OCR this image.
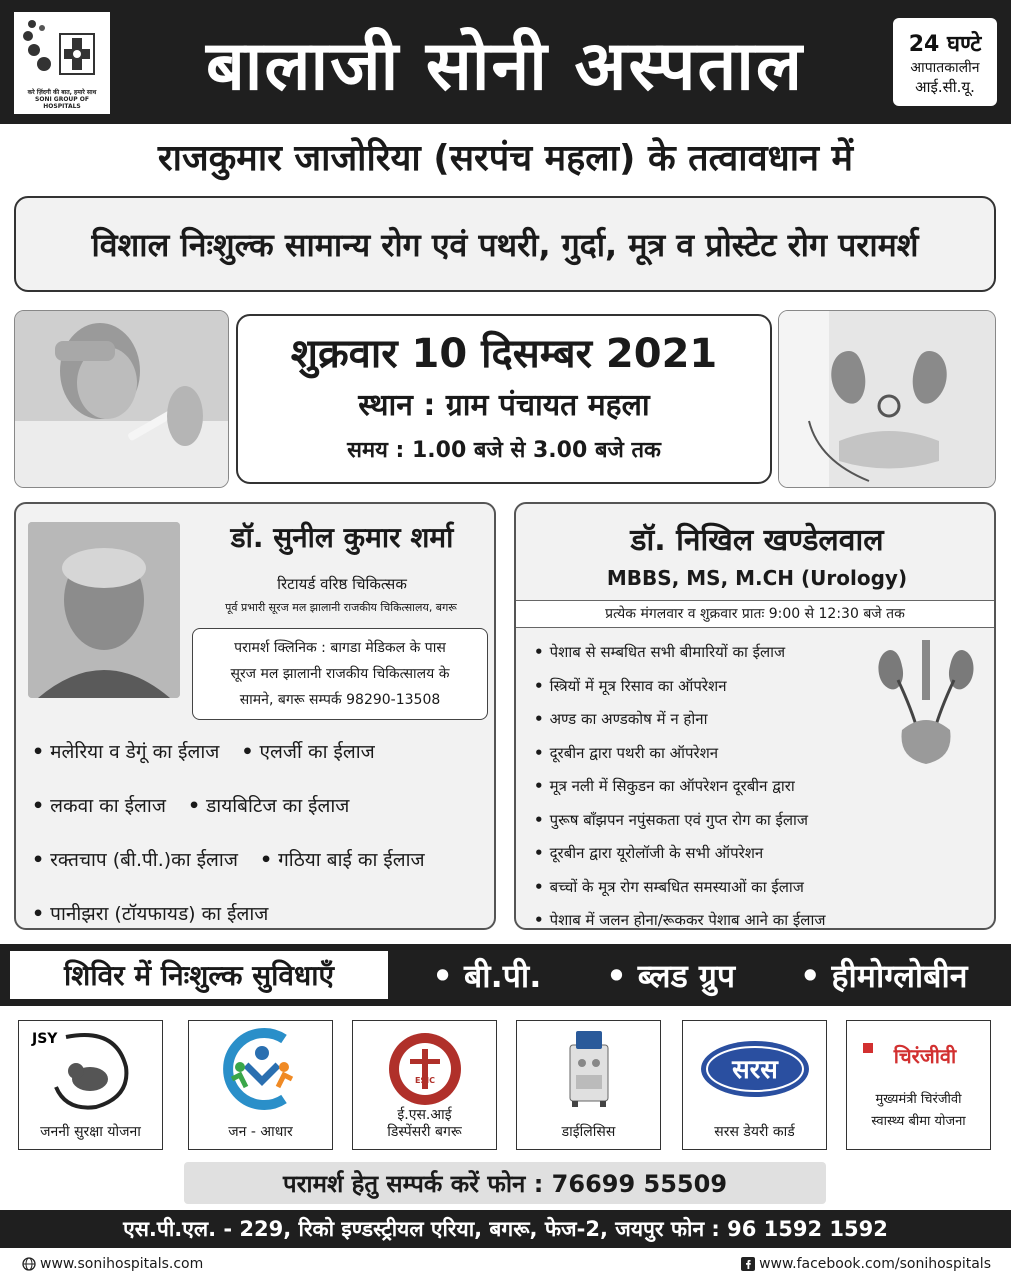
करे ज़िंदगी की बात, हमारे साथ
SONI GROUP OF HOSPITALS
बालाजी सोनी अस्पताल	24 घण्टे
आपातकालीन
आई.सी.यू.
राजकुमार जाजोरिया (सरपंच महला) के तत्वावधान में
विशाल निःशुल्क सामान्य रोग एवं पथरी, गुर्दा, मूत्र व प्रोस्टेट रोग परामर्श
शुक्रवार 10 दिसम्बर 2021
स्थान : ग्राम पंचायत महला
समय : 1.00 बजे से 3.00 बजे तक
डॉ. सुनील कुमार शर्मा
रिटायर्ड वरिष्ठ चिकित्सक
पूर्व प्रभारी सूरज मल झालानी राजकीय चिकित्सालय, बगरू
परामर्श क्लिनिक : बागडा मेडिकल के पास
सूरज मल झालानी राजकीय चिकित्सालय के
सामने, बगरू सम्पर्क 98290-13508
• मलेरिया व डेगूं का ईलाज • एलर्जी का ईलाज
• लकवा का ईलाज • डायबिटिज का ईलाज
• रक्तचाप (बी.पी.)का ईलाज • गठिया बाई का ईलाज
• पानीझरा (टॉयफायड) का ईलाज
डॉ. निखिल खण्डेलवाल
MBBS, MS, M.CH (Urology)
प्रत्येक मंगलवार व शुक्रवार प्रातः 9:00 से 12:30 बजे तक
• पेशाब से सम्बधित सभी बीमारियों का ईलाज
• स्त्रियों में मूत्र रिसाव का ऑपरेशन
• अण्ड का अण्डकोष में न होना
• दूरबीन द्वारा पथरी का ऑपरेशन
• मूत्र नली में सिकुडन का ऑपरेशन दूरबीन द्वारा
• पुरूष बाँझपन नपुंसकता एवं गुप्त रोग का ईलाज
• दूरबीन द्वारा यूरोलॉजी के सभी ऑपरेशन
• बच्चों के मूत्र रोग सम्बधित समस्याओं का ईलाज
• पेशाब में जलन होना/रूककर पेशाब आने का ईलाज
शिविर में निःशुल्क सुविधाएँ	• बी.पी. • ब्लड ग्रुप • हीमोग्लोबीन
JSY
जननी सुरक्षा योजना	जन - आधार
ESIC
ई.एस.आई
डिस्पेंसरी बगरू	डाईलिसिस
सरस
सरस डेयरी कार्ड
चिरंजीवी
मुख्यमंत्री चिरंजीवी
स्वास्थ्य बीमा योजना
परामर्श हेतु सम्पर्क करें फोन : 76699 55509
एस.पी.एल. - 229, रिको इण्डस्ट्रीयल एरिया, बगरू, फेज-2, जयपुर फोन : 96 1592 1592
www.sonihospitals.com	www.facebook.com/sonihospitals
